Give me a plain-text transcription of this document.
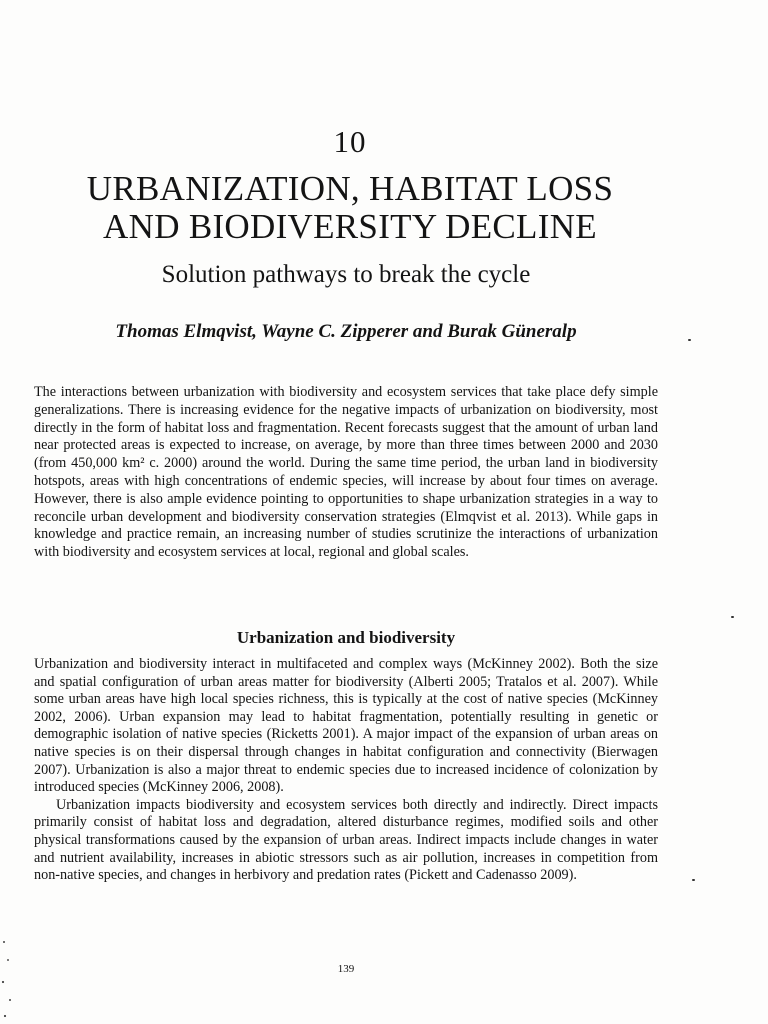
10
URBANIZATION, HABITAT LOSS
AND BIODIVERSITY DECLINE
Solution pathways to break the cycle
Thomas Elmqvist, Wayne C. Zipperer and Burak Güneralp

The interactions between urbanization with biodiversity and ecosystem services that take place defy simple generalizations. There is increasing evidence for the negative impacts of urbanization on biodiversity, most directly in the form of habitat loss and fragmentation. Recent forecasts suggest that the amount of urban land near protected areas is expected to increase, on average, by more than three times between 2000 and 2030 (from 450,000 km² c. 2000) around the world. During the same time period, the urban land in biodiversity hotspots, areas with high concentrations of endemic species, will increase by about four times on average. However, there is also ample evidence pointing to opportunities to shape urbanization strategies in a way to reconcile urban development and biodiversity conservation strategies (Elmqvist et al. 2013). While gaps in knowledge and practice remain, an increasing number of studies scrutinize the interactions of urbanization with biodiversity and ecosystem services at local, regional and global scales.

Urbanization and biodiversity

Urbanization and biodiversity interact in multifaceted and complex ways (McKinney 2002). Both the size and spatial configuration of urban areas matter for biodiversity (Alberti 2005; Tratalos et al. 2007). While some urban areas have high local species richness, this is typically at the cost of native species (McKinney 2002, 2006). Urban expansion may lead to habitat fragmentation, potentially resulting in genetic or demographic isolation of native species (Ricketts 2001). A major impact of the expansion of urban areas on native species is on their dispersal through changes in habitat configuration and connectivity (Bierwagen 2007). Urbanization is also a major threat to endemic species due to increased incidence of colonization by introduced species (McKinney 2006, 2008).

Urbanization impacts biodiversity and ecosystem services both directly and indirectly. Direct impacts primarily consist of habitat loss and degradation, altered disturbance regimes, modified soils and other physical transformations caused by the expansion of urban areas. Indirect impacts include changes in water and nutrient availability, increases in abiotic stressors such as air pollution, increases in competition from non-native species, and changes in herbivory and predation rates (Pickett and Cadenasso 2009).

139
